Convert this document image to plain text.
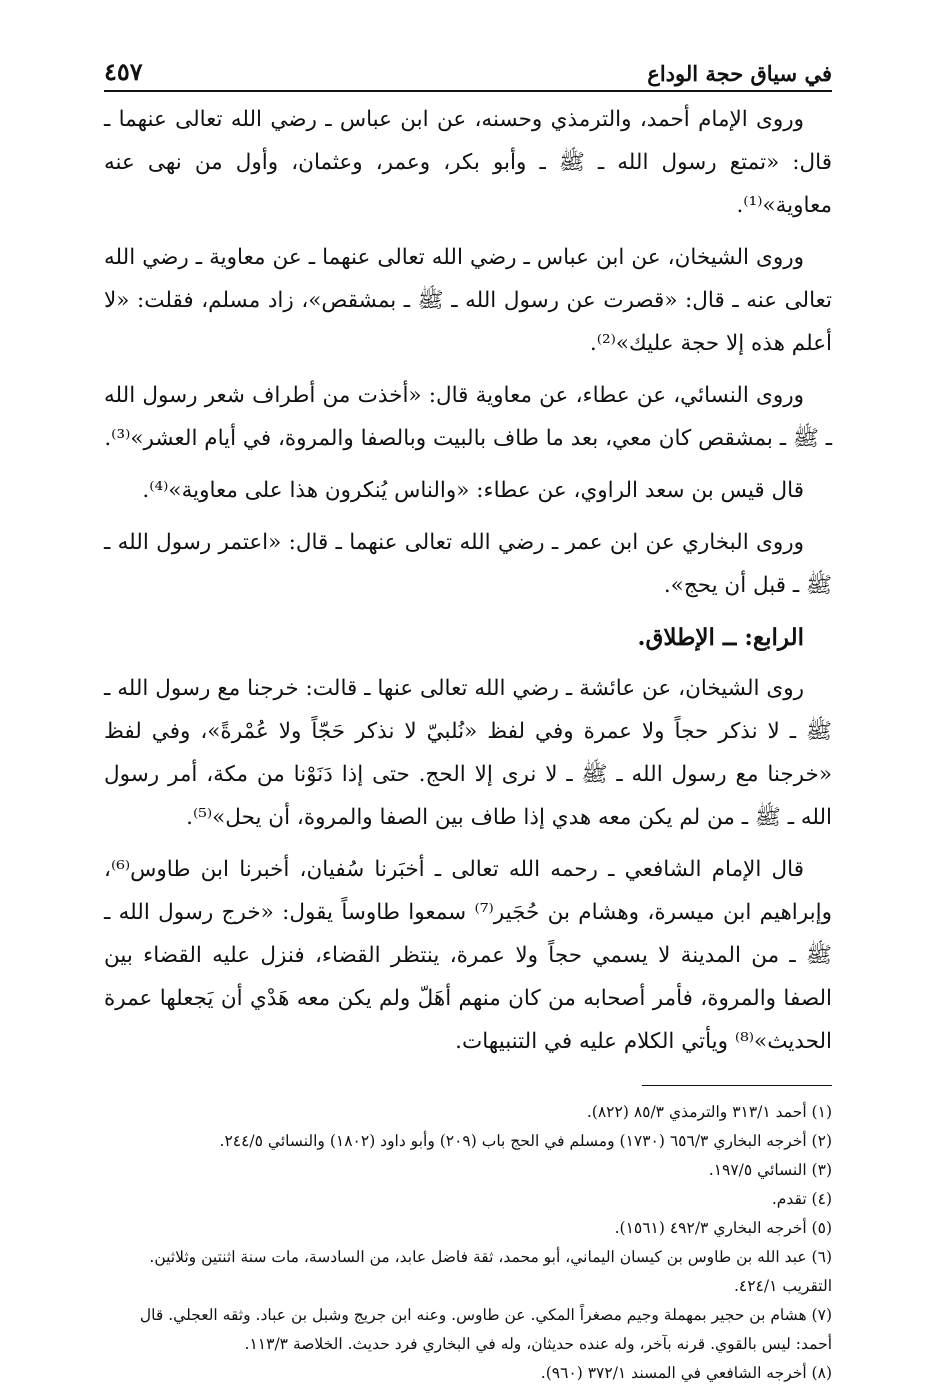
في سياق حجة الوداع
٤٥٧

وروى الإمام أحمد، والترمذي وحسنه، عن ابن عباس ـ رضي الله تعالى عنهما ـ قال: «تمتع رسول الله ـ ﷺ ـ وأبو بكر، وعمر، وعثمان، وأول من نهى عنه معاوية»⁽¹⁾.

وروى الشيخان، عن ابن عباس ـ رضي الله تعالى عنهما ـ عن معاوية ـ رضي الله تعالى عنه ـ قال: «قصرت عن رسول الله ـ ﷺ ـ بمشقص»، زاد مسلم، فقلت: «لا أعلم هذه إلا حجة عليك»⁽²⁾.

وروى النسائي، عن عطاء، عن معاوية قال: «أخذت من أطراف شعر رسول الله ـ ﷺ ـ بمشقص كان معي، بعد ما طاف بالبيت وبالصفا والمروة، في أيام العشر»⁽³⁾.

قال قيس بن سعد الراوي، عن عطاء: «والناس يُنكرون هذا على معاوية»⁽⁴⁾.

وروى البخاري عن ابن عمر ـ رضي الله تعالى عنهما ـ قال: «اعتمر رسول الله ـ ﷺ ـ قبل أن يحج».

الرابع: ــ الإطلاق.

روى الشيخان، عن عائشة ـ رضي الله تعالى عنها ـ قالت: خرجنا مع رسول الله ـ ﷺ ـ لا نذكر حجاً ولا عمرة وفي لفظ «نُلبيّ لا نذكر حَجّاً ولا عُمْرةً»، وفي لفظ «خرجنا مع رسول الله ـ ﷺ ـ لا نرى إلا الحج. حتى إذا دَنَوْنا من مكة، أمر رسول الله ـ ﷺ ـ من لم يكن معه هدي إذا طاف بين الصفا والمروة، أن يحل»⁽⁵⁾.

قال الإمام الشافعي ـ رحمه الله تعالى ـ أخبَرنا سُفيان، أخبرنا ابن طاوس⁽⁶⁾، وإبراهيم ابن ميسرة، وهشام بن حُجَير⁽⁷⁾ سمعوا طاوساً يقول: «خرج رسول الله ـ ﷺ ـ من المدينة لا يسمي حجاً ولا عمرة، ينتظر القضاء، فنزل عليه القضاء بين الصفا والمروة، فأمر أصحابه من كان منهم أهَلّ ولم يكن معه هَدْي أن يَجعلها عمرة الحديث»⁽⁸⁾ ويأتي الكلام عليه في التنبيهات.

(١) أحمد ٣١٣/١ والترمذي ٨٥/٣ (٨٢٢).

(٢) أخرجه البخاري ٦٥٦/٣ (١٧٣٠) ومسلم في الحج باب (٢٠٩) وأبو داود (١٨٠٢) والنسائي ٢٤٤/٥.

(٣) النسائي ١٩٧/٥.

(٤) تقدم.

(٥) أخرجه البخاري ٤٩٢/٣ (١٥٦١).

(٦) عبد الله بن طاوس بن كيسان اليماني، أبو محمد، ثقة فاضل عابد، من السادسة، مات سنة اثنتين وثلاثين. التقريب ٤٢٤/١.

(٧) هشام بن حجير بمهملة وجيم مصغراً المكي. عن طاوس. وعنه ابن جريج وشبل بن عباد. وثقه العجلي. قال أحمد: ليس بالقوي. قرنه بآخر، وله عنده حديثان، وله في البخاري فرد حديث. الخلاصة ١١٣/٣.

(٨) أخرجه الشافعي في المسند ٣٧٢/١ (٩٦٠).
